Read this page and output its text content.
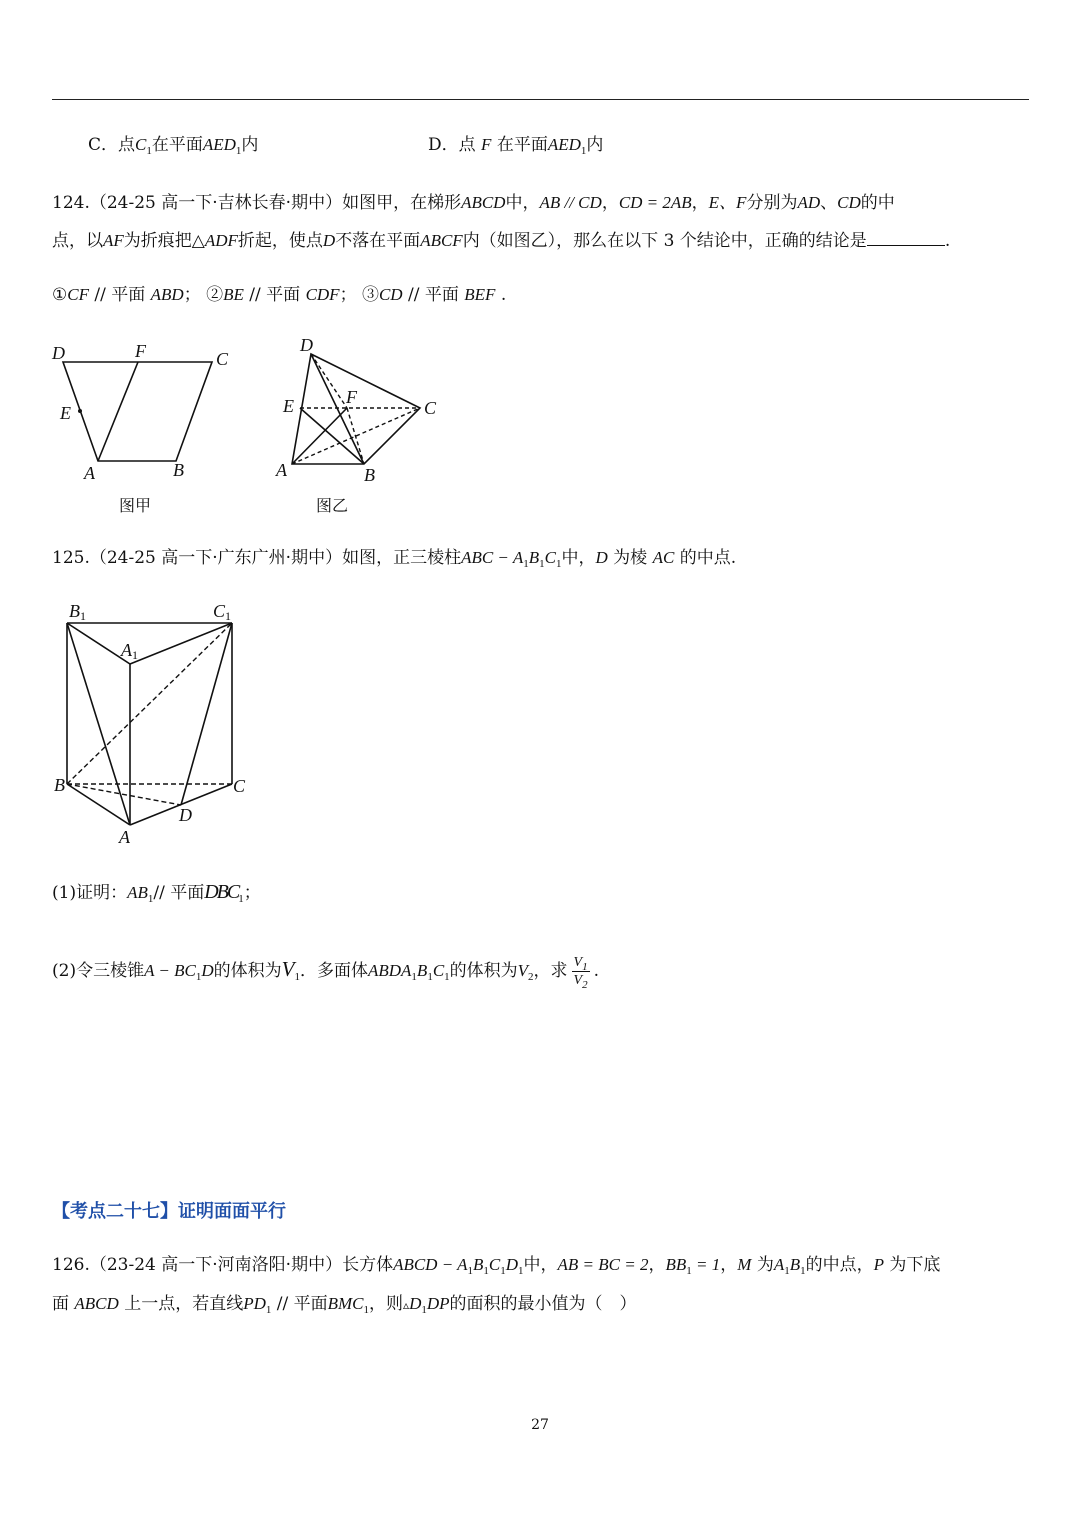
C．点$C_1$在平面$AED_1$内	D．点 F 在平面$AED_1$内
124.（24-25 高一下·吉林长春·期中）如图甲，在梯形ABCD中，AB // CD，CD = 2AB，E、F分别为AD、CD的中
点，以AF为折痕把△ADF折起，使点D不落在平面ABCF内（如图乙），那么在以下 3 个结论中，正确的结论是	.
①CF // 平面 ABD； ②BE // 平面 CDF； ③CD // 平面 BEF .
D	F	C
E
A	B
图甲
D
E	F
C
A	B
图乙
125.（24-25 高一下·广东广州·期中）如图，正三棱柱ABC − $A_1B_1C_1$中，D 为棱 AC 的中点.
B1	C1
A1
B	C
D
A
(1)证明：$AB_1//$ 平面$DBC_1$；
(2)令三棱锥$A - BC_1D$的体积为$V_1$．多面体$ABDA_1B_1C_1$的体积为$V_2$，求 $\frac{V_1}{V_2}$ .
【考点二十七】证明面面平行
126.（23-24 高一下·河南洛阳·期中）长方体ABCD − $A_1B_1C_1D_1$中，AB = BC = 2，$BB_1 = 1$，M 为$A_1B_1$的中点，P 为下底
面 ABCD 上一点，若直线$PD_1$ // 平面$BMC_1$，则$▵D_1DP$的面积的最小值为（　）
27
